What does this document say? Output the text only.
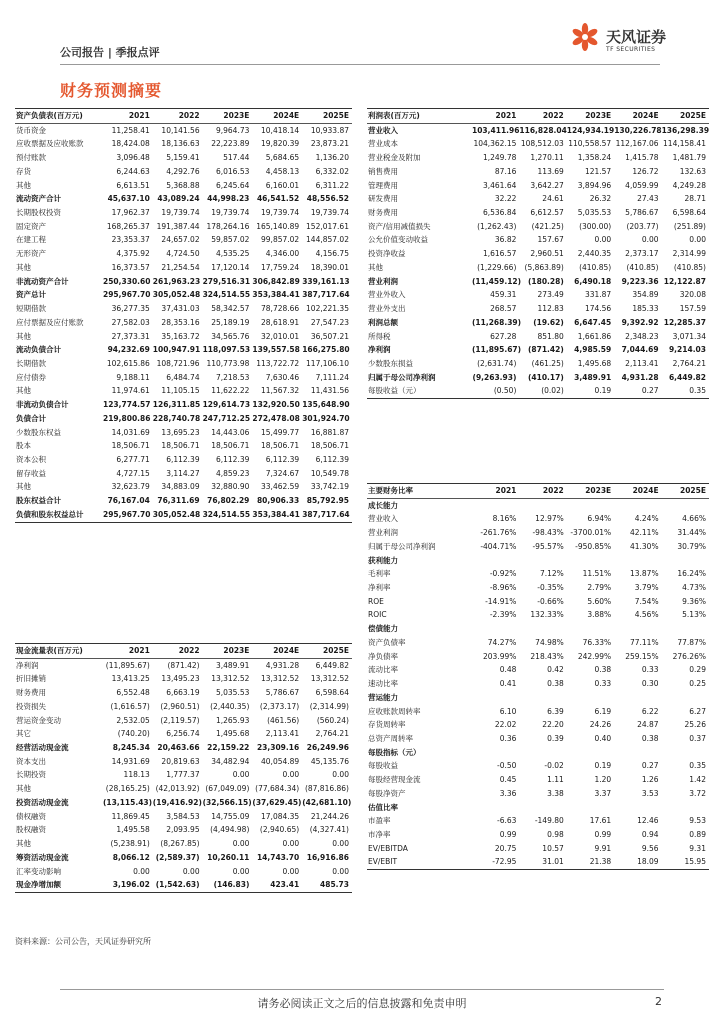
公司报告 | 季报点评
天风证券
TF SECURITIES
财务预测摘要
资产负债表(百万元)	2021	2022	2023E	2024E	2025E
货币资金	11,258.41	10,141.56	9,964.73	10,418.14	10,933.87
应收票据及应收账款	18,424.08	18,136.63	22,223.89	19,820.39	23,873.21
预付账款	3,096.48	5,159.41	517.44	5,684.65	1,136.20
存货	6,244.63	4,292.76	6,016.53	4,458.13	6,332.02
其他	6,613.51	5,368.88	6,245.64	6,160.01	6,311.22
流动资产合计	45,637.10	43,089.24	44,998.23	46,541.52	48,556.52
长期股权投资	17,962.37	19,739.74	19,739.74	19,739.74	19,739.74
固定资产	168,265.37 191,387.44 178,264.16 165,140.89 152,017.61
在建工程	23,353.37	24,657.02	59,857.02	99,857.02 144,857.02
无形资产	4,375.92	4,724.50	4,535.25	4,346.00	4,156.75
其他	16,373.57	21,254.54	17,120.14	17,759.24	18,390.01
非流动资产合计	250,330.60 261,963.23 279,516.31 306,842.89 339,161.13
资产总计	295,967.70 305,052.48 324,514.55 353,384.41 387,717.64
短期借款	36,277.35	37,431.03	58,342.57	78,728.66 102,221.35
应付票据及应付账款	27,582.03	28,353.16	25,189.19	28,618.91	27,547.23
其他	27,373.31	35,163.72	34,565.76	32,010.01	36,507.21
流动负债合计	94,232.69 100,947.91 118,097.53 139,557.58 166,275.80
长期借款	102,615.86 108,721.96 110,773.98 113,722.72 117,106.10
应付债券	9,188.11	6,484.74	7,218.53	7,630.46	7,111.24
其他	11,974.61	11,105.15	11,622.22	11,567.32	11,431.56
非流动负债合计	123,774.57 126,311.85 129,614.73 132,920.50 135,648.90
负债合计	219,800.86 228,740.78 247,712.25 272,478.08 301,924.70
少数股东权益	14,031.69	13,695.23	14,443.06	15,499.77	16,881.87
股本	18,506.71	18,506.71	18,506.71	18,506.71	18,506.71
资本公积	6,277.71	6,112.39	6,112.39	6,112.39	6,112.39
留存收益	4,727.15	3,114.27	4,859.23	7,324.67	10,549.78
其他	32,623.79	34,883.09	32,880.90	33,462.59	33,742.19
股东权益合计	76,167.04	76,311.69	76,802.29	80,906.33	85,792.95
负债和股东权益总计	295,967.70 305,052.48 324,514.55 353,384.41 387,717.64
利润表(百万元)	2021	2022	2023E	2024E	2025E
营业收入	103,411.96 116,828.04 124,934.19 130,226.78 136,298.39
营业成本	104,362.15 108,512.03 110,558.57 112,167.06 114,158.41
营业税金及附加	1,249.78	1,270.11	1,358.24	1,415.78	1,481.79
销售费用	87.16	113.69	121.57	126.72	132.63
管理费用	3,461.64	3,642.27	3,894.96	4,059.99	4,249.28
研发费用	32.22	24.61	26.32	27.43	28.71
财务费用	6,536.84	6,612.57	5,035.53	5,786.67	6,598.64
资产/信用减值损失	(1,262.43)	(421.25)	(300.00)	(203.77)	(251.89)
公允价值变动收益	36.82	157.67	0.00	0.00	0.00
投资净收益	1,616.57	2,960.51	2,440.35	2,373.17	2,314.99
其他	(1,229.66)	(5,863.89)	(410.85)	(410.85)	(410.85)
营业利润	(11,459.12) (180.28)	6,490.18	9,223.36 12,122.87
营业外收入	459.31	273.49	331.87	354.89	320.08
营业外支出	268.57	112.83	174.56	185.33	157.59
利润总额	(11,268.39)	(19.62)	6,647.45	9,392.92 12,285.37
所得税	627.28	851.80	1,661.86	2,348.23	3,071.34
净利润	(11,895.67) (871.42)	4,985.59	7,044.69	9,214.03
少数股东损益	(2,631.74)	(461.25)	1,495.68	2,113.41	2,764.21
归属于母公司净利润	(9,263.93)	(410.17)	3,489.91	4,931.28	6,449.82
每股收益（元）	(0.50)	(0.02)	0.19	0.27	0.35
现金流量表(百万元)	2021	2022	2023E	2024E	2025E
净利润	(11,895.67)	(871.42)	3,489.91	4,931.28	6,449.82
折旧摊销	13,413.25	13,495.23	13,312.52	13,312.52	13,312.52
财务费用	6,552.48	6,663.19	5,035.53	5,786.67	6,598.64
投资损失	(1,616.57)	(2,960.51)	(2,440.35)	(2,373.17)	(2,314.99)
营运资金变动	2,532.05	(2,119.57)	1,265.93	(461.56)	(560.24)
其它	(740.20)	6,256.74	1,495.68	2,113.41	2,764.21
经营活动现金流	8,245.34	20,463.66	22,159.22	23,309.16	26,249.96
资本支出	14,931.69	20,819.63	34,482.94	40,054.89	45,135.76
长期投资	118.13	1,777.37	0.00	0.00	0.00
其他	(28,165.25) (42,013.92) (67,049.09) (77,684.34) (87,816.86)
投资活动现金流	(13,115.43) (19,416.92) (32,566.15) (37,629.45) (42,681.10)
债权融资	11,869.45	3,584.53	14,755.09	17,084.35	21,244.26
股权融资	1,495.58	2,093.95	(4,494.98)	(2,940.65)	(4,327.41)
其他	(5,238.91)	(8,267.85)	0.00	0.00	0.00
筹资活动现金流	8,066.12 (2,589.37)	10,260.11	14,743.70	16,916.86
汇率变动影响	0.00	0.00	0.00	0.00	0.00
现金净增加额	3,196.02 (1,542.63)	(146.83)	423.41	485.73
主要财务比率	2021	2022	2023E	2024E	2025E
成长能力
营业收入	8.16%	12.97%	6.94%	4.24%	4.66%
营业利润	-261.76%	-98.43% -3700.01%	42.11%	31.44%
归属于母公司净利润	-404.71%	-95.57%	-950.85%	41.30%	30.79%
获利能力
毛利率	-0.92%	7.12%	11.51%	13.87%	16.24%
净利率	-8.96%	-0.35%	2.79%	3.79%	4.73%
ROE	-14.91%	-0.66%	5.60%	7.54%	9.36%
ROIC	-2.39%	132.33%	3.88%	4.56%	5.13%
偿债能力
资产负债率	74.27%	74.98%	76.33%	77.11%	77.87%
净负债率	203.99%	218.43%	242.99%	259.15%	276.26%
流动比率	0.48	0.42	0.38	0.33	0.29
速动比率	0.41	0.38	0.33	0.30	0.25
营运能力
应收账款周转率	6.10	6.39	6.19	6.22	6.27
存货周转率	22.02	22.20	24.26	24.87	25.26
总资产周转率	0.36	0.39	0.40	0.38	0.37
每股指标（元）
每股收益	-0.50	-0.02	0.19	0.27	0.35
每股经营现金流	0.45	1.11	1.20	1.26	1.42
每股净资产	3.36	3.38	3.37	3.53	3.72
估值比率
市盈率	-6.63	-149.80	17.61	12.46	9.53
市净率	0.99	0.98	0.99	0.94	0.89
EV/EBITDA	20.75	10.57	9.91	9.56	9.31
EV/EBIT	-72.95	31.01	21.38	18.09	15.95
资料来源：公司公告，天风证券研究所
请务必阅读正文之后的信息披露和免责申明	2
